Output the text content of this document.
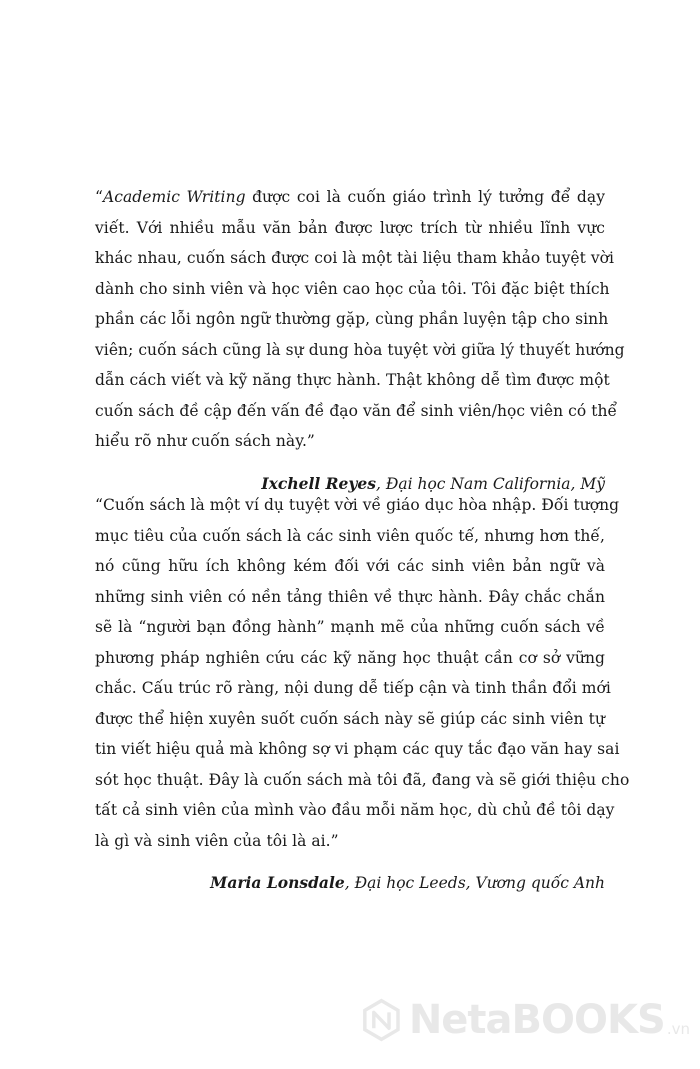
“Academic Writing được coi là cuốn giáo trình lý tưởng để dạy
viết. Với nhiều mẫu văn bản được lược trích từ nhiều lĩnh vực
khác nhau, cuốn sách được coi là một tài liệu tham khảo tuyệt vời
dành cho sinh viên và học viên cao học của tôi. Tôi đặc biệt thích
phần các lỗi ngôn ngữ thường gặp, cùng phần luyện tập cho sinh
viên; cuốn sách cũng là sự dung hòa tuyệt vời giữa lý thuyết hướng
dẫn cách viết và kỹ năng thực hành. Thật không dễ tìm được một
cuốn sách đề cập đến vấn đề đạo văn để sinh viên/học viên có thể
hiểu rõ như cuốn sách này.”

Ixchell Reyes, Đại học Nam California, Mỹ

“Cuốn sách là một ví dụ tuyệt vời về giáo dục hòa nhập. Đối tượng
mục tiêu của cuốn sách là các sinh viên quốc tế, nhưng hơn thế,
nó cũng hữu ích không kém đối với các sinh viên bản ngữ và
những sinh viên có nền tảng thiên về thực hành. Đây chắc chắn
sẽ là “người bạn đồng hành” mạnh mẽ của những cuốn sách về
phương pháp nghiên cứu các kỹ năng học thuật cần cơ sở vững
chắc. Cấu trúc rõ ràng, nội dung dễ tiếp cận và tinh thần đổi mới
được thể hiện xuyên suốt cuốn sách này sẽ giúp các sinh viên tự
tin viết hiệu quả mà không sợ vi phạm các quy tắc đạo văn hay sai
sót học thuật. Đây là cuốn sách mà tôi đã, đang và sẽ giới thiệu cho
tất cả sinh viên của mình vào đầu mỗi năm học, dù chủ đề tôi dạy
là gì và sinh viên của tôi là ai.”

Maria Lonsdale, Đại học Leeds, Vương quốc Anh

NetaBOOKS .vn
